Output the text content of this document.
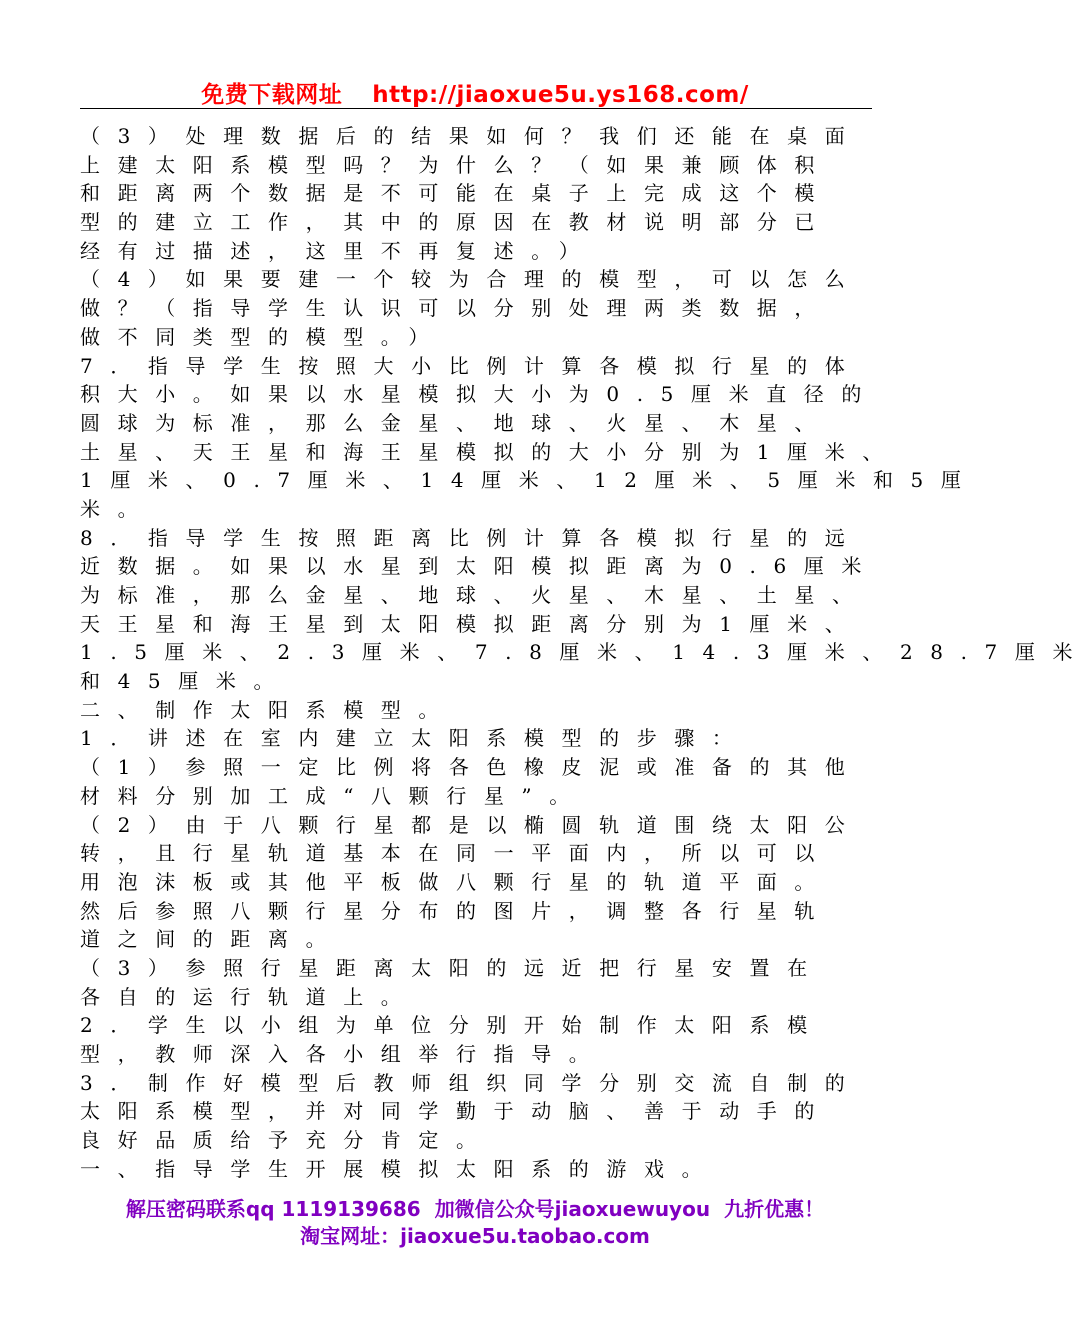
免费下载网址 http://jiaoxue5u.ys168.com/
（3）处理数据后的结果如何？我们还能在桌面
上建太阳系模型吗？为什么？（如果兼顾体积
和距离两个数据是不可能在桌子上完成这个模
型的建立工作，其中的原因在教材说明部分已
经有过描述，这里不再复述。）
（4）如果要建一个较为合理的模型，可以怎么
做？（指导学生认识可以分别处理两类数据，
做不同类型的模型。）
7．指导学生按照大小比例计算各模拟行星的体
积大小。如果以水星模拟大小为0.5厘米直径的
圆球为标准，那么金星、地球、火星、木星、
土星、天王星和海王星模拟的大小分别为1厘米、
1厘米、0.7厘米、14厘米、12厘米、5厘米和5厘
米。
8．指导学生按照距离比例计算各模拟行星的远
近数据。如果以水星到太阳模拟距离为0.6厘米
为标准，那么金星、地球、火星、木星、土星、
天王星和海王星到太阳模拟距离分别为1厘米、
1.5厘米、2.3厘米、7.8厘米、14.3厘米、28.7厘米
和45厘米。
二、制作太阳系模型。
1．讲述在室内建立太阳系模型的步骤：
（1）参照一定比例将各色橡皮泥或准备的其他
材料分别加工成“八颗行星”。
（2）由于八颗行星都是以椭圆轨道围绕太阳公
转，且行星轨道基本在同一平面内，所以可以
用泡沫板或其他平板做八颗行星的轨道平面。
然后参照八颗行星分布的图片，调整各行星轨
道之间的距离。
（3）参照行星距离太阳的远近把行星安置在
各自的运行轨道上。
2．学生以小组为单位分别开始制作太阳系模
型，教师深入各小组举行指导。
3．制作好模型后教师组织同学分别交流自制的
太阳系模型，并对同学勤于动脑、善于动手的
良好品质给予充分肯定。
一、指导学生开展模拟太阳系的游戏。
解压密码联系qq 1119139686 加微信公众号jiaoxuewuyou 九折优惠！
淘宝网址：jiaoxue5u.taobao.com
